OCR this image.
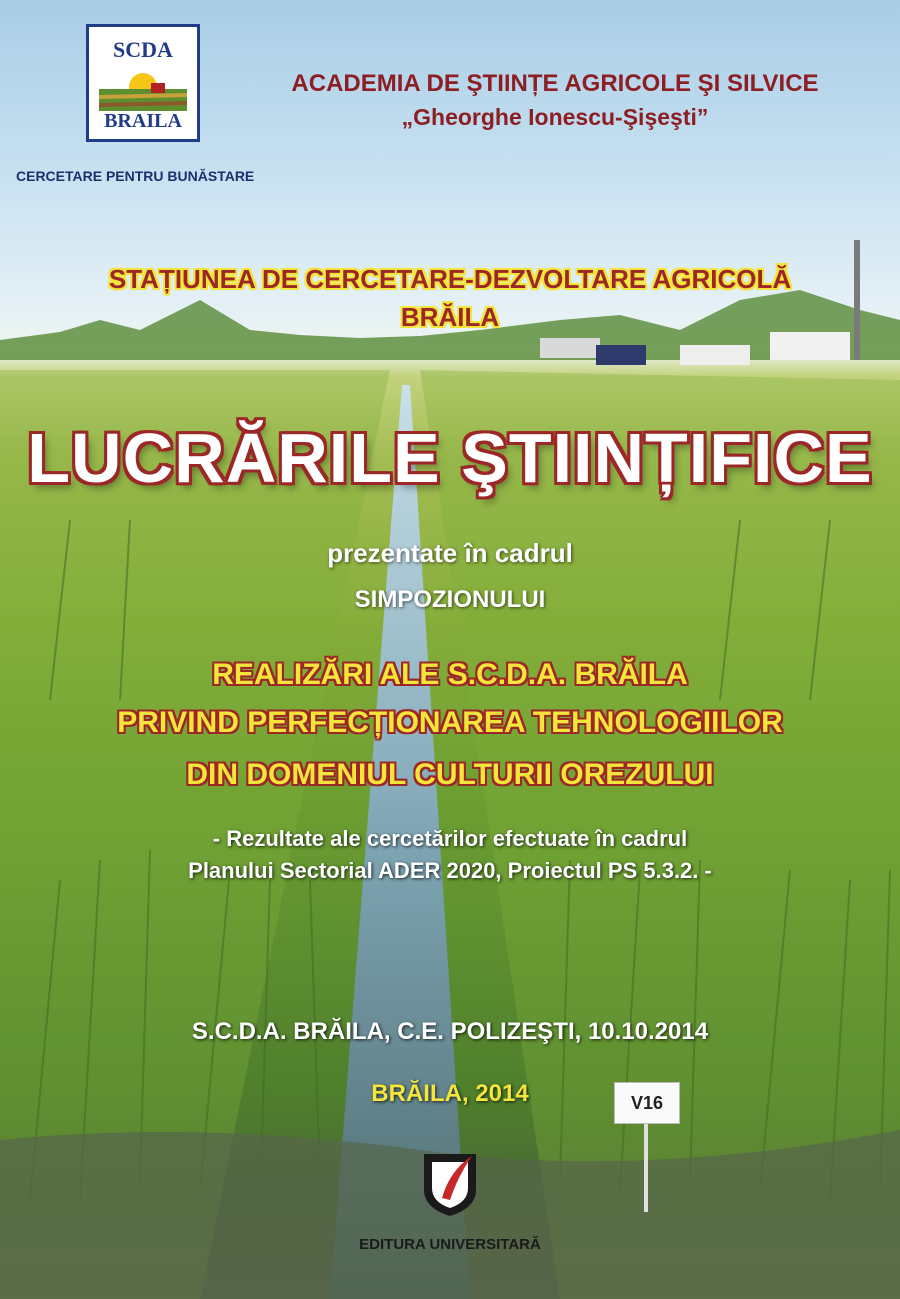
SCDA
BRAILA
CERCETARE PENTRU BUNĂSTARE
ACADEMIA DE ŞTIINȚE AGRICOLE ŞI SILVICE
„Gheorghe Ionescu-Şişeşti”
STAȚIUNEA DE CERCETARE-DEZVOLTARE AGRICOLĂ
BRĂILA
LUCRĂRILE ŞTIINȚIFICE
prezentate în cadrul
SIMPOZIONULUI
REALIZĂRI ALE S.C.D.A. BRĂILA
PRIVIND PERFECȚIONAREA TEHNOLOGIILOR
DIN DOMENIUL CULTURII OREZULUI
- Rezultate ale cercetărilor efectuate în cadrul
Planului Sectorial ADER 2020, Proiectul PS 5.3.2. -
V16
S.C.D.A. BRĂILA, C.E. POLIZEŞTI, 10.10.2014
BRĂILA, 2014
EDITURA UNIVERSITARĂ
